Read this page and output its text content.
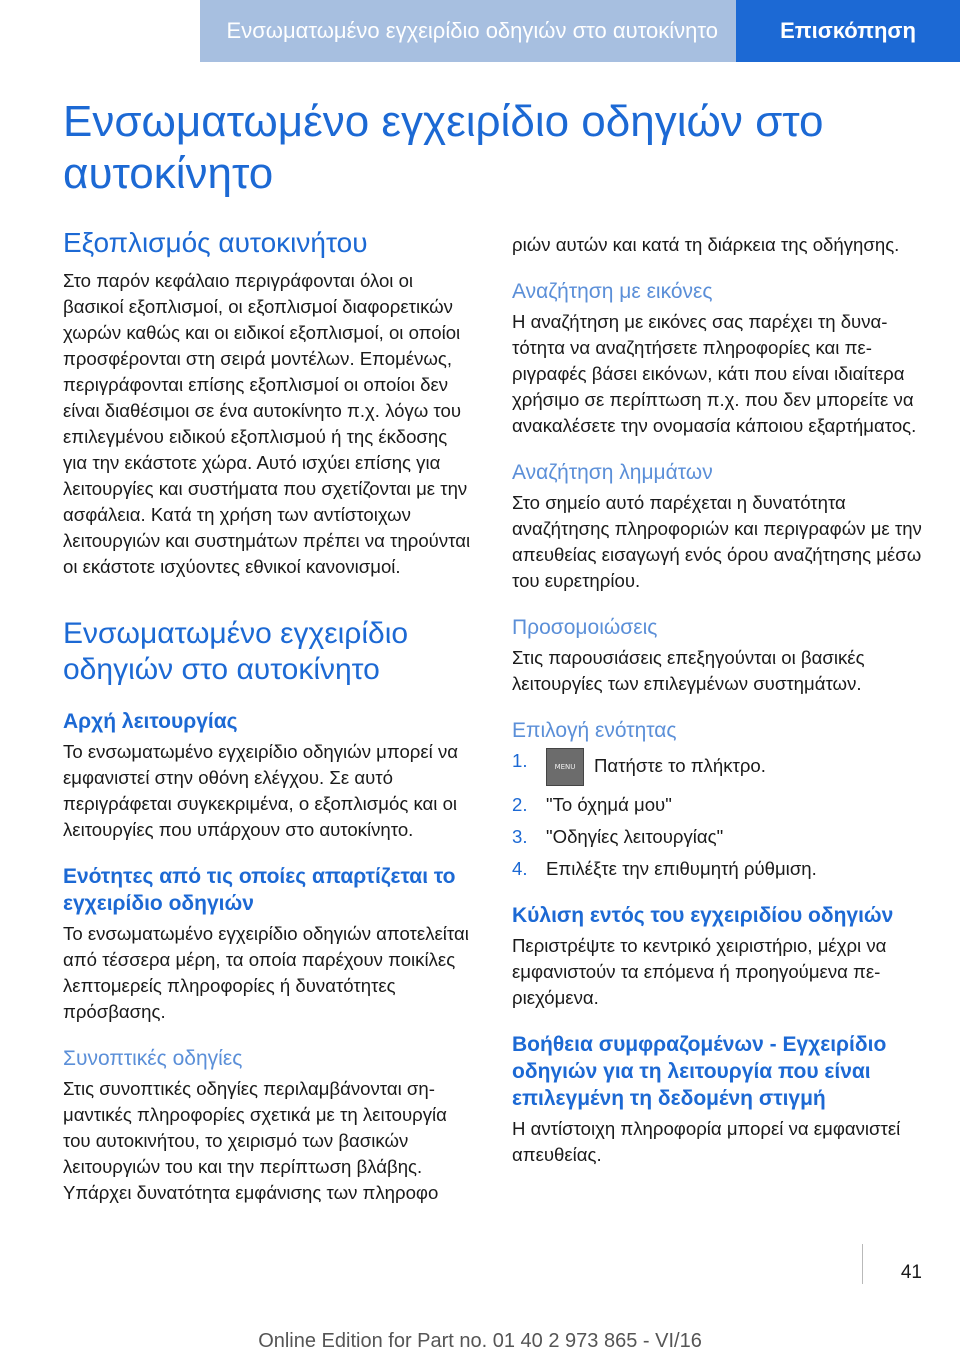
Ενσωματωμένο εγχειρίδιο οδηγιών στο αυτοκίνητο	Επισκόπηση
Ενσωματωμένο εγχειρίδιο οδηγιών στο αυτοκίνητο
Εξοπλισμός αυτοκινήτου

Στο παρόν κεφάλαιο περιγράφονται όλοι οι βασικοί εξοπλισμοί, οι εξοπλισμοί διαφορετικών χωρών καθώς και οι ειδικοί εξοπλισμοί, οι οποίοι προσφέρονται στη σειρά μοντέλων. Επομένως, περιγράφονται επίσης εξοπλισμοί οι οποίοι δεν είναι διαθέσιμοι σε ένα αυτοκίνητο π.χ. λόγω του επιλεγμένου ειδικού εξοπλισμού ή της έκδοσης για την εκάστοτε χώρα. Αυτό ισχύει επίσης για λειτουργίες και συστήματα που σχετίζονται με την ασφάλεια. Κατά τη χρήση των αντίστοιχων λειτουργιών και συστημάτων πρέπει να τηρούνται οι εκάστοτε ισχύοντες εθνικοί κανονισμοί.

Ενσωματωμένο εγχειρίδιο οδηγιών στο αυτοκίνητο
Αρχή λειτουργίας

Το ενσωματωμένο εγχειρίδιο οδηγιών μπορεί να εμφανιστεί στην οθόνη ελέγχου. Σε αυτό περιγράφεται συγκεκριμένα, ο εξοπλισμός και οι λειτουργίες που υπάρχουν στο αυτοκίνητο.

Ενότητες από τις οποίες απαρτίζεται το εγχειρίδιο οδηγιών

Το ενσωματωμένο εγχειρίδιο οδηγιών αποτελείται από τέσσερα μέρη, τα οποία παρέχουν ποικίλες λεπτομερείς πληροφορίες ή δυνατότητες πρόσβασης.

Συνοπτικές οδηγίες

Στις συνοπτικές οδηγίες περιλαμβάνονται σημαντικές πληροφορίες σχετικά με τη λειτουργία του αυτοκινήτου, το χειρισμό των βασικών λειτουργιών του και την περίπτωση βλάβης. Υπάρχει δυνατότητα εμφάνισης των πληροφο

ριών αυτών και κατά τη διάρκεια της οδήγησης.

Αναζήτηση με εικόνες

Η αναζήτηση με εικόνες σας παρέχει τη δυνατότητα να αναζητήσετε πληροφορίες και περιγραφές βάσει εικόνων, κάτι που είναι ιδιαίτερα χρήσιμο σε περίπτωση π.χ. που δεν μπορείτε να ανακαλέσετε την ονομασία κάποιου εξαρτήματος.

Αναζήτηση λημμάτων

Στο σημείο αυτό παρέχεται η δυνατότητα αναζήτησης πληροφοριών και περιγραφών με την απευθείας εισαγωγή ενός όρου αναζήτησης μέσω του ευρετηρίου.

Προσομοιώσεις

Στις παρουσιάσεις επεξηγούνται οι βασικές λειτουργίες των επιλεγμένων συστημάτων.

Επιλογή ενότητας
1.	MENU Πατήστε το πλήκτρο.
2. "Το όχημά μου"
3. "Οδηγίες λειτουργίας"
4. Επιλέξτε την επιθυμητή ρύθμιση.
Κύλιση εντός του εγχειριδίου οδηγιών

Περιστρέψτε το κεντρικό χειριστήριο, μέχρι να εμφανιστούν τα επόμενα ή προηγούμενα περιεχόμενα.

Βοήθεια συμφραζομένων - Εγχειρίδιο οδηγιών για τη λειτουργία που είναι επιλεγμένη τη δεδομένη στιγμή

Η αντίστοιχη πληροφορία μπορεί να εμφανιστεί απευθείας.

41
Online Edition for Part no. 01 40 2 973 865 - VI/16
